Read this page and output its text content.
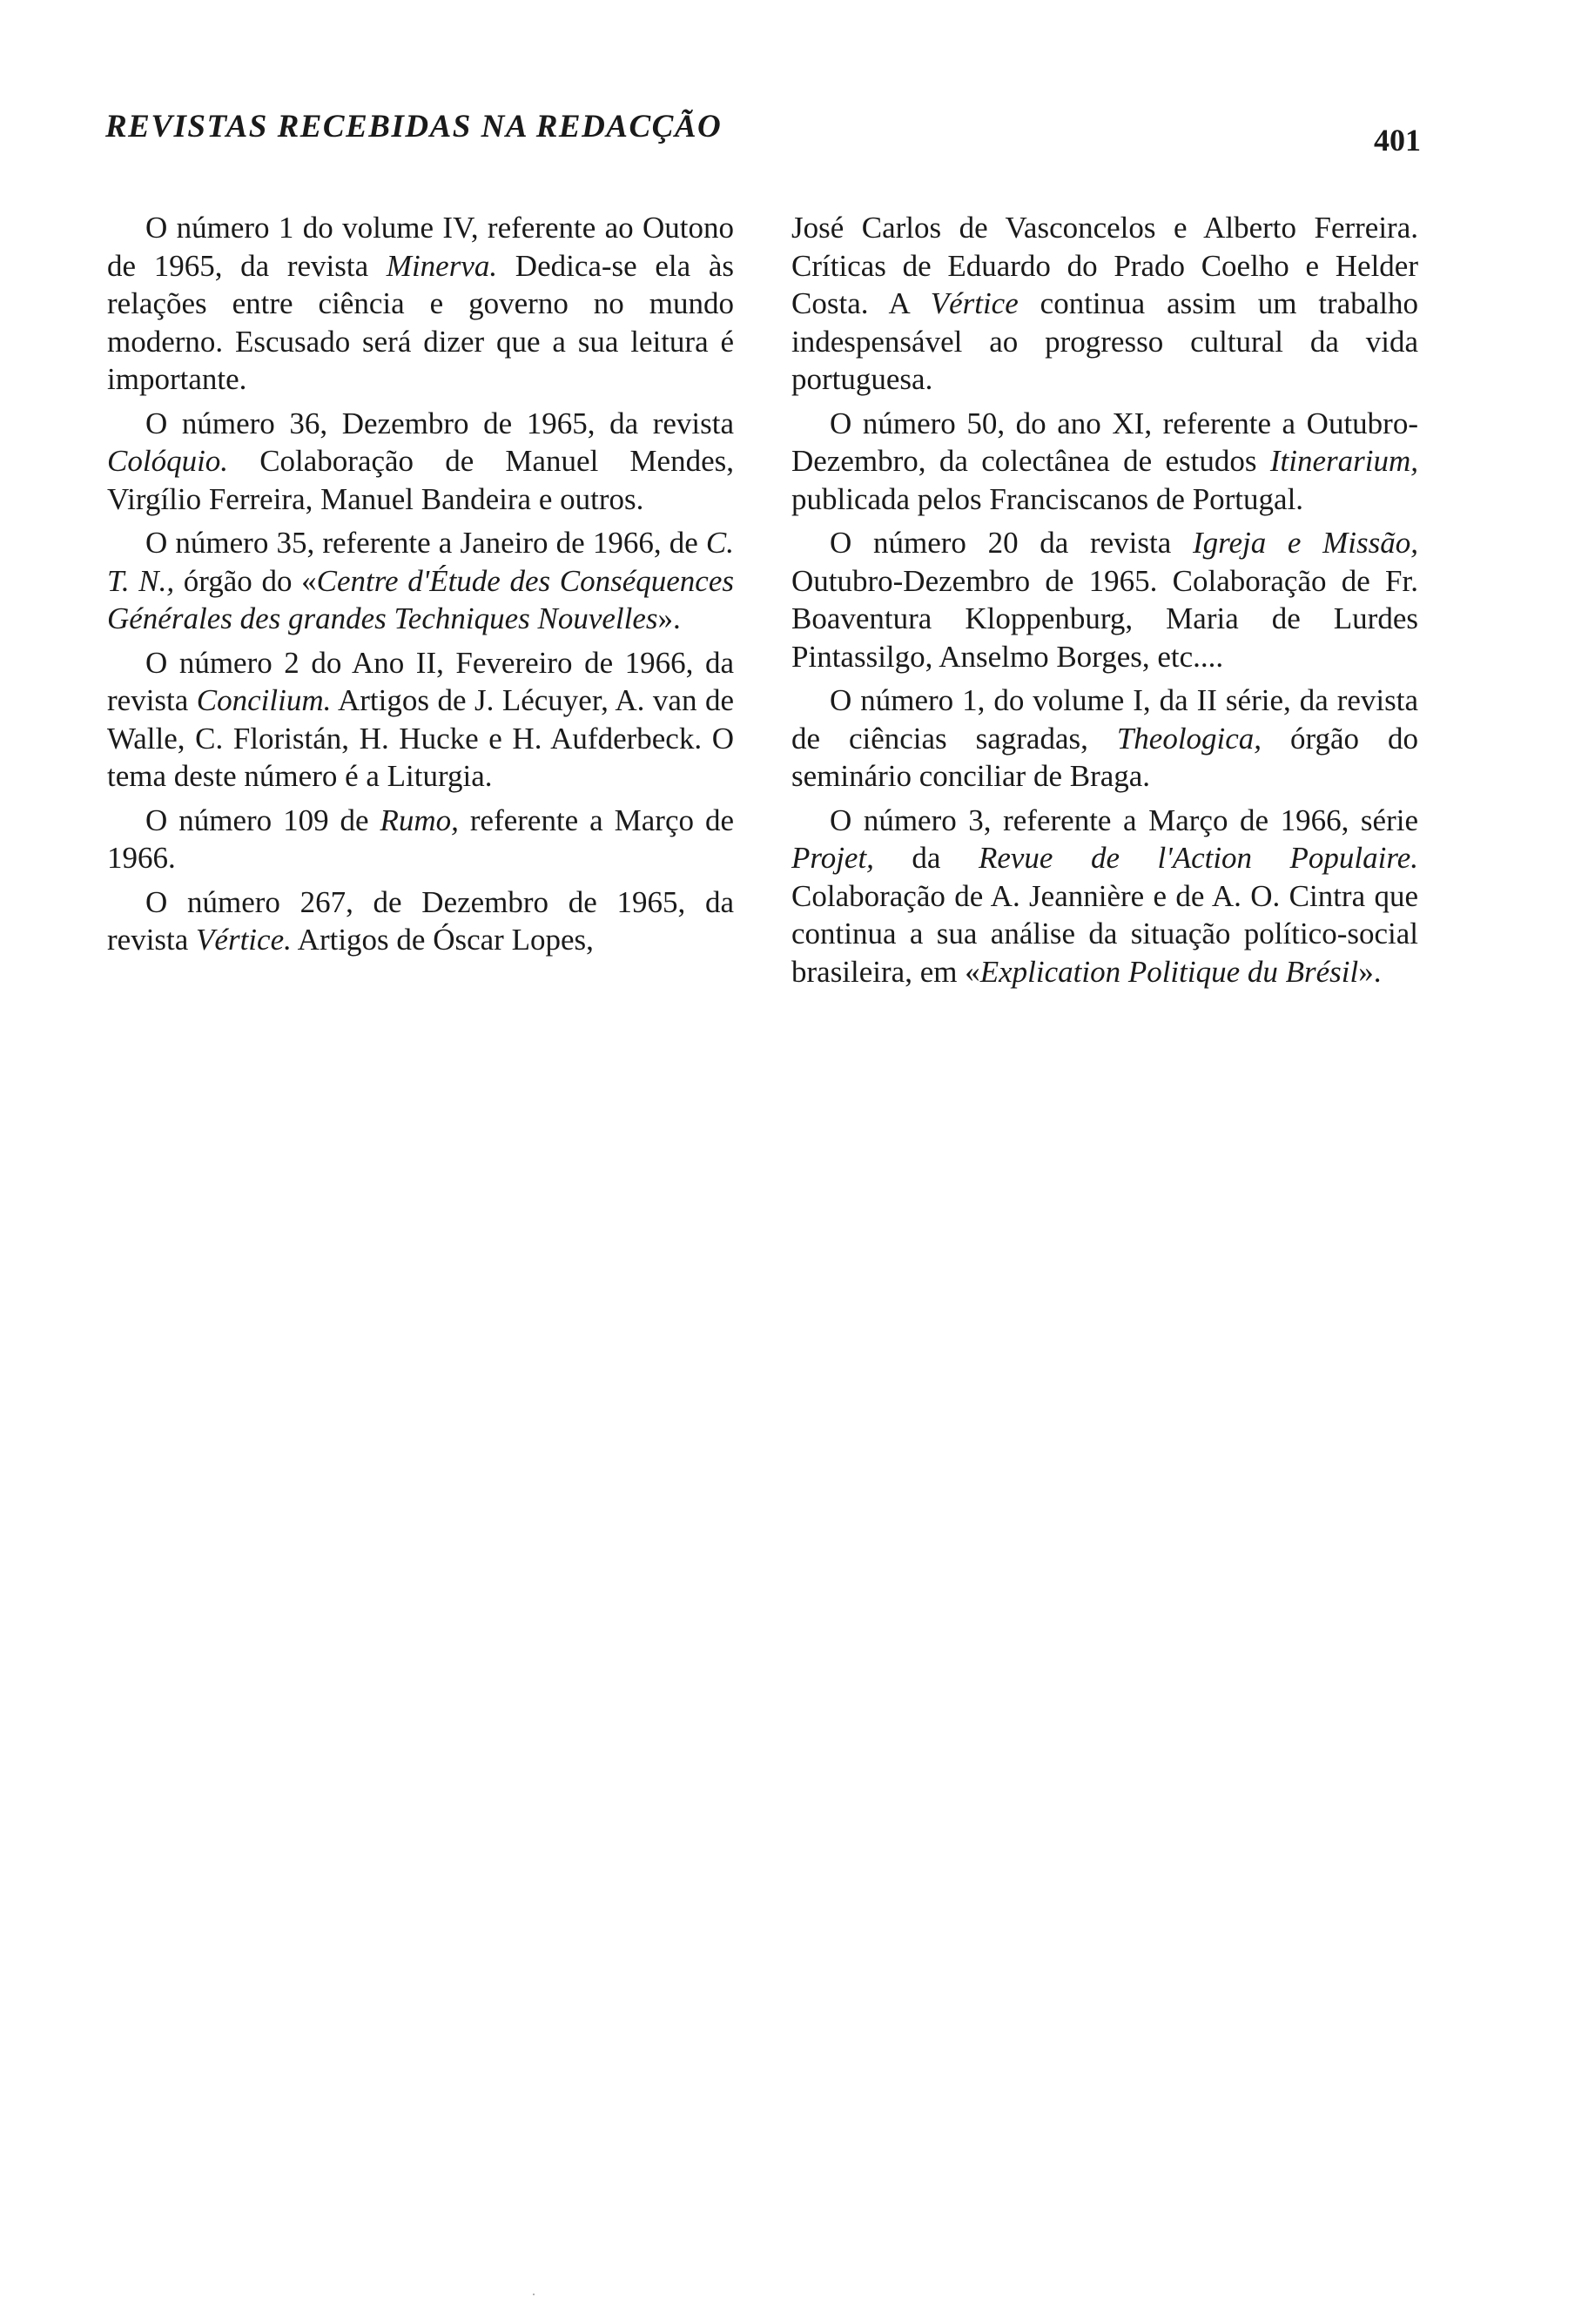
REVISTAS RECEBIDAS NA REDACÇÃO	401

O número 1 do volume IV, referente ao Outono de 1965, da revista Minerva. Dedica-se ela às relações entre ciência e governo no mundo moderno. Escusado será dizer que a sua leitura é importante.

O número 36, Dezembro de 1965, da revista Colóquio. Colaboração de Manuel Mendes, Virgílio Ferreira, Manuel Bandeira e outros.

O número 35, referente a Janeiro de 1966, de C. T. N., órgão do «Centre d'Étude des Conséquences Générales des grandes Techniques Nouvelles».

O número 2 do Ano II, Fevereiro de 1966, da revista Concilium. Artigos de J. Lécuyer, A. van de Walle, C. Floristán, H. Hucke e H. Aufderbeck. O tema deste número é a Liturgia.

O número 109 de Rumo, referente a Março de 1966.

O número 267, de Dezembro de 1965, da revista Vértice. Artigos de Óscar Lopes,

José Carlos de Vasconcelos e Alberto Ferreira. Críticas de Eduardo do Prado Coelho e Helder Costa. A Vértice continua assim um trabalho indespensável ao progresso cultural da vida portuguesa.

O número 50, do ano XI, referente a Outubro-Dezembro, da colectânea de estudos Itinerarium, publicada pelos Franciscanos de Portugal.

O número 20 da revista Igreja e Missão, Outubro-Dezembro de 1965. Colaboração de Fr. Boaventura Kloppenburg, Maria de Lurdes Pintassilgo, Anselmo Borges, etc....

O número 1, do volume I, da II série, da revista de ciências sagradas, Theologica, órgão do seminário conciliar de Braga.

O número 3, referente a Março de 1966, série Projet, da Revue de l'Action Populaire. Colaboração de A. Jeannière e de A. O. Cintra que continua a sua análise da situação político-social brasileira, em «Explication Politique du Brésil».
